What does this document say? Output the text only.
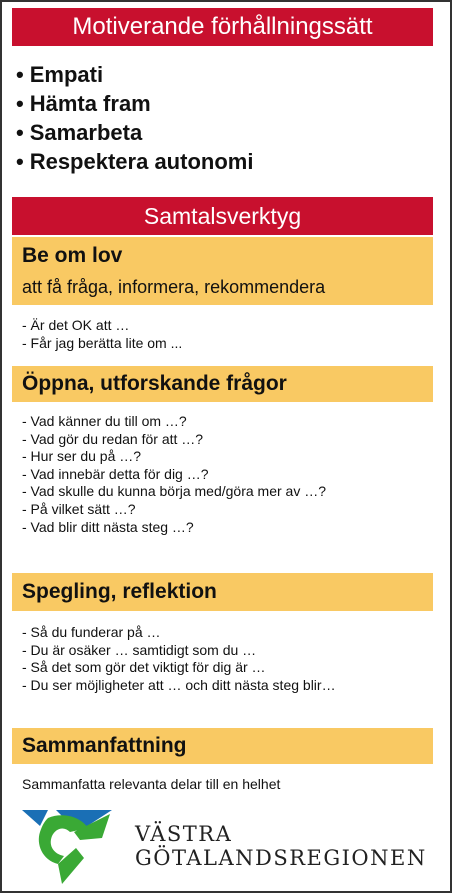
Motiverande förhållningssätt
• Empati
• Hämta fram
• Samarbeta
• Respektera autonomi
Samtalsverktyg
Be om lov
att få fråga, informera, rekommendera
- Är det OK att …
- Får jag berätta lite om ...
Öppna, utforskande frågor
- Vad känner du till om …?
- Vad gör du redan för att …?
- Hur ser du på …?
- Vad innebär detta för dig …?
- Vad skulle du kunna börja med/göra mer av …?
- På vilket sätt …?
- Vad blir ditt nästa steg …?
Spegling, reflektion
- Så du funderar på …
- Du är osäker … samtidigt som du …
- Så det som gör det viktigt för dig är …
- Du ser möjligheter att … och ditt nästa steg blir…
Sammanfattning
Sammanfatta relevanta delar till en helhet
VÄSTRA
GÖTALANDSREGIONEN
